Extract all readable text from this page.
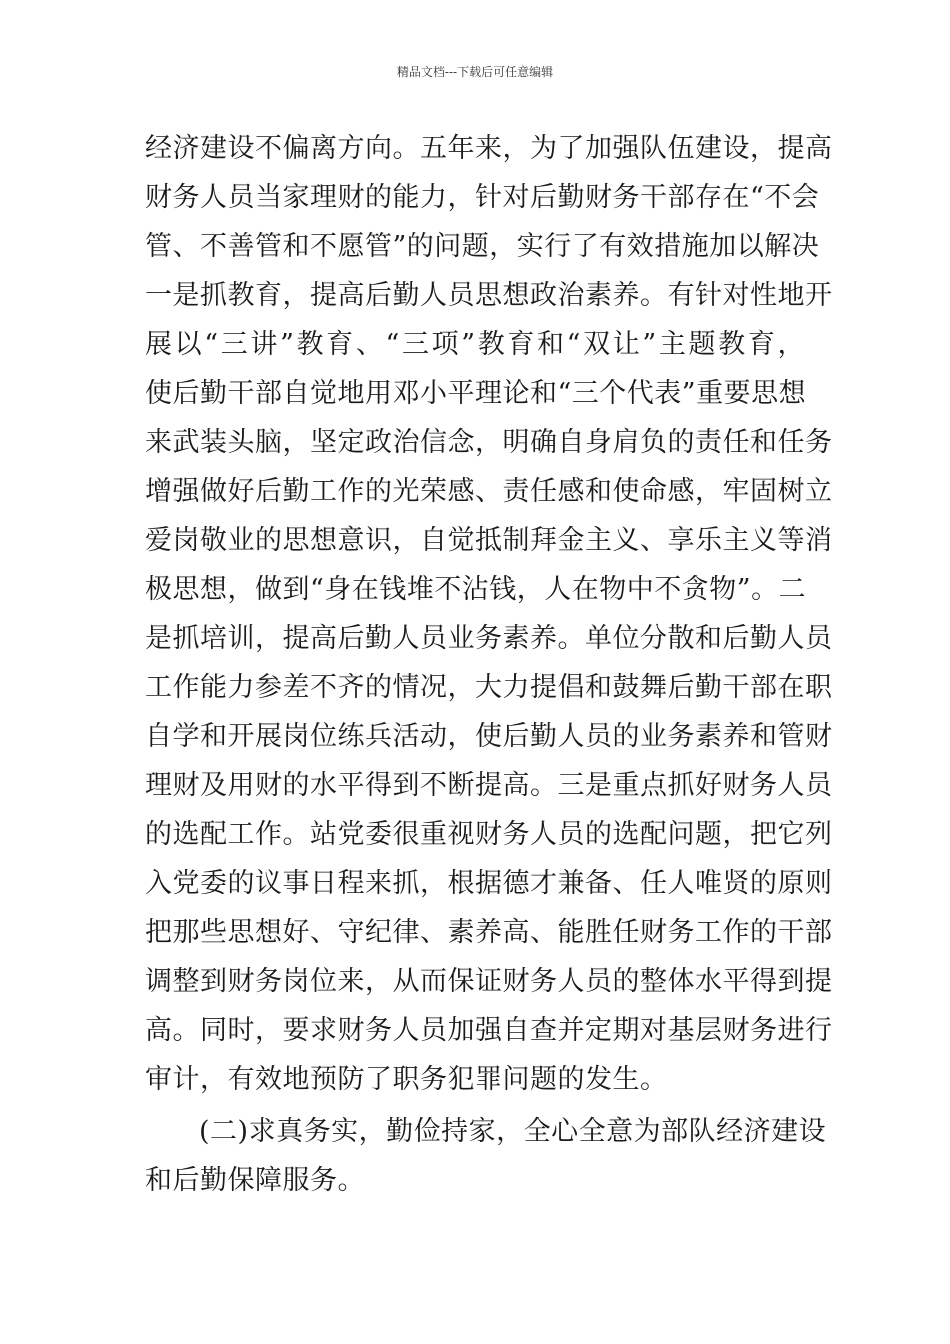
精品文档---下载后可任意编辑
经济建设不偏离方向。五年来，为了加强队伍建设，提高
财务人员当家理财的能力，针对后勤财务干部存在“不会
管、不善管和不愿管”的问题，实行了有效措施加以解决
一是抓教育，提高后勤人员思想政治素养。有针对性地开
展以“三讲”教育、“三项”教育和“双让”主题教育，
使后勤干部自觉地用邓小平理论和“三个代表”重要思想
来武装头脑，坚定政治信念，明确自身肩负的责任和任务
增强做好后勤工作的光荣感、责任感和使命感，牢固树立
爱岗敬业的思想意识，自觉抵制拜金主义、享乐主义等消
极思想，做到“身在钱堆不沾钱，人在物中不贪物”。二
是抓培训，提高后勤人员业务素养。单位分散和后勤人员
工作能力参差不齐的情况，大力提倡和鼓舞后勤干部在职
自学和开展岗位练兵活动，使后勤人员的业务素养和管财
理财及用财的水平得到不断提高。三是重点抓好财务人员
的选配工作。站党委很重视财务人员的选配问题，把它列
入党委的议事日程来抓，根据德才兼备、任人唯贤的原则
把那些思想好、守纪律、素养高、能胜任财务工作的干部
调整到财务岗位来，从而保证财务人员的整体水平得到提
高。同时，要求财务人员加强自查并定期对基层财务进行
审计，有效地预防了职务犯罪问题的发生。
(二)求真务实，勤俭持家，全心全意为部队经济建设
和后勤保障服务。
